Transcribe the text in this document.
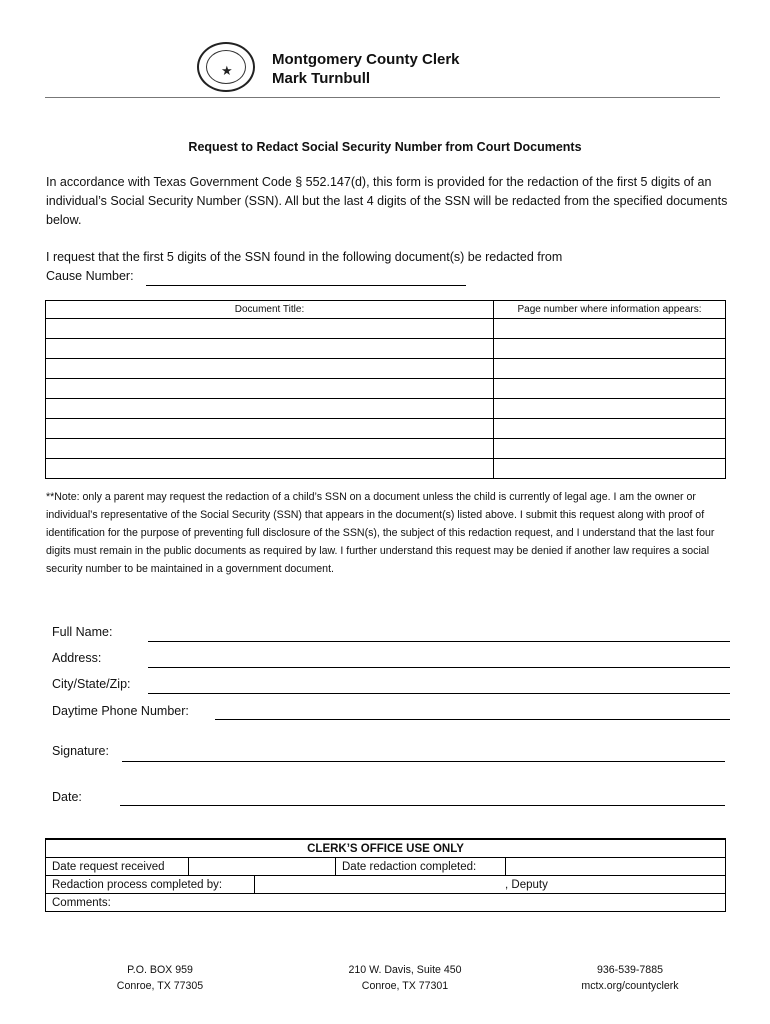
★
Montgomery County Clerk
Mark Turnbull
Request to Redact Social Security Number from Court Documents
In accordance with Texas Government Code § 552.147(d), this form is provided for the redaction of the first 5 digits of an individual’s Social Security Number (SSN). All but the last 4 digits of the SSN will be redacted from the specified documents below.
I request that the first 5 digits of the SSN found in the following document(s) be redacted from
Cause Number:
Document Title:	Page number where information appears:

**Note: only a parent may request the redaction of a child’s SSN on a document unless the child is currently of legal age. I am the owner or individual’s representative of the Social Security (SSN) that appears in the document(s) listed above. I submit this request along with proof of identification for the purpose of preventing full disclosure of the SSN(s), the subject of this redaction request, and I understand that the last four digits must remain in the public documents as required by law. I further understand this request may be denied if another law requires a social security number to be maintained in a government document.
Full Name:
Address:
City/State/Zip:
Daytime Phone Number:
Signature:
Date:
CLERK’S OFFICE USE ONLY				
Date request received			Date redaction completed:	
Redaction process completed by:		, Deputy		
Comments:				
P.O. BOX 959
Conroe, TX 77305
210 W. Davis, Suite 450
Conroe, TX 77301
936-539-7885
mctx.org/countyclerk
